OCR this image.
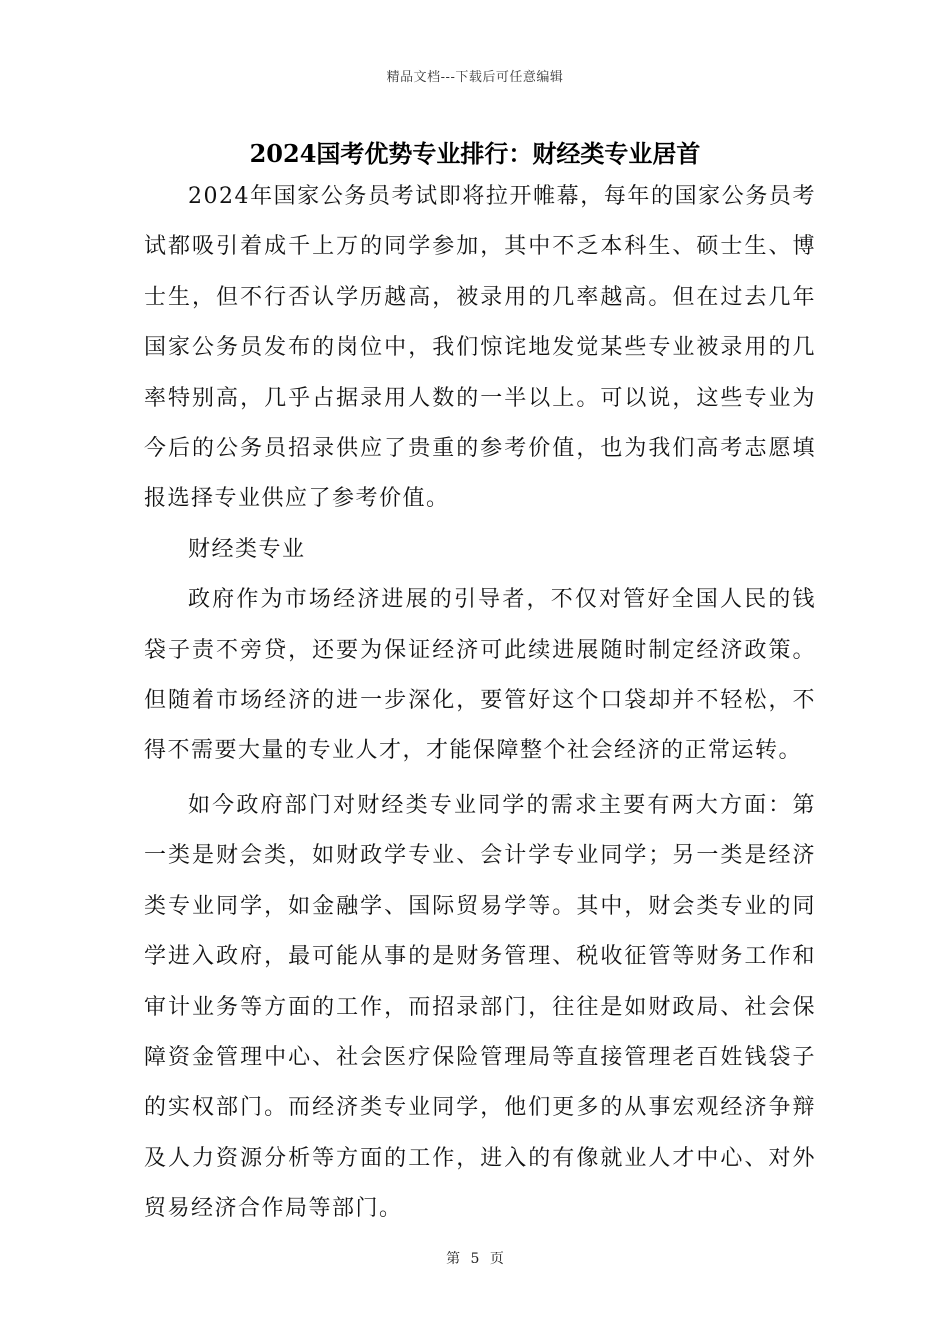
精品文档---下载后可任意编辑
2024国考优势专业排行：财经类专业居首

2024年国家公务员考试即将拉开帷幕，每年的国家公务员考试都吸引着成千上万的同学参加，其中不乏本科生、硕士生、博士生，但不行否认学历越高，被录用的几率越高。但在过去几年国家公务员发布的岗位中，我们惊诧地发觉某些专业被录用的几率特别高，几乎占据录用人数的一半以上。可以说，这些专业为今后的公务员招录供应了贵重的参考价值，也为我们高考志愿填报选择专业供应了参考价值。

财经类专业

政府作为市场经济进展的引导者，不仅对管好全国人民的钱袋子责不旁贷，还要为保证经济可此续进展随时制定经济政策。但随着市场经济的进一步深化，要管好这个口袋却并不轻松，不得不需要大量的专业人才，才能保障整个社会经济的正常运转。

如今政府部门对财经类专业同学的需求主要有两大方面：第一类是财会类，如财政学专业、会计学专业同学；另一类是经济类专业同学，如金融学、国际贸易学等。其中，财会类专业的同学进入政府，最可能从事的是财务管理、税收征管等财务工作和审计业务等方面的工作，而招录部门，往往是如财政局、社会保障资金管理中心、社会医疗保险管理局等直接管理老百姓钱袋子的实权部门。而经济类专业同学，他们更多的从事宏观经济争辩及人力资源分析等方面的工作，进入的有像就业人才中心、对外贸易经济合作局等部门。

第 5 页
